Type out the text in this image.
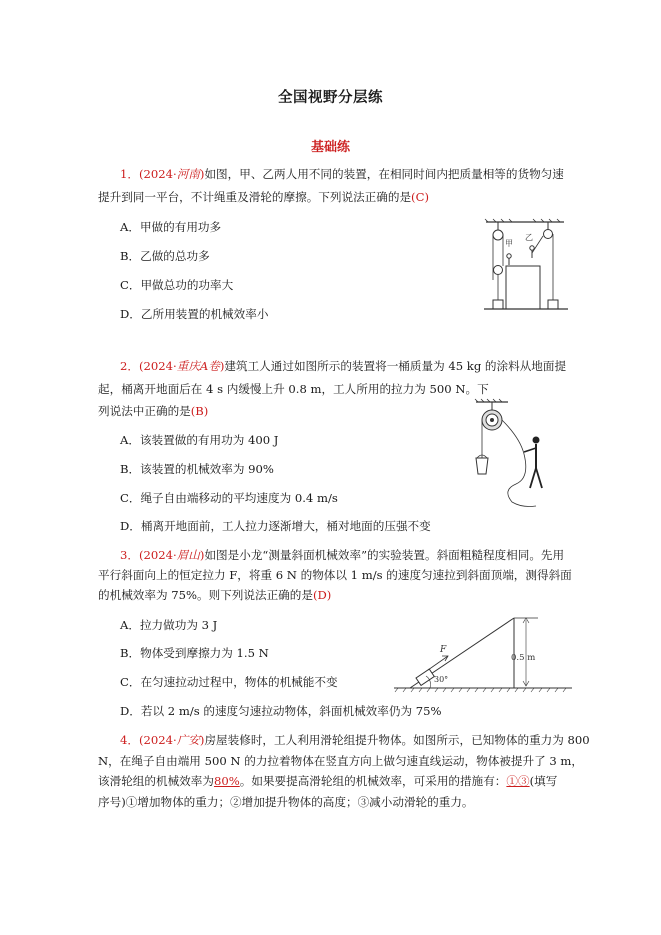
全国视野分层练
基础练
1．(2024·河南)如图，甲、乙两人用不同的装置，在相同时间内把质量相等的货物匀速
提升到同一平台，不计绳重及滑轮的摩擦。下列说法正确的是(C)
A．甲做的有用功多
B．乙做的总功多
C．甲做总功的功率大
D．乙所用装置的机械效率小
甲
乙
2．(2024·重庆A卷)建筑工人通过如图所示的装置将一桶质量为 45 kg 的涂料从地面提
起，桶离开地面后在 4 s 内缓慢上升 0.8 m，工人所用的拉力为 500 N。下
列说法中正确的是(B)
A．该装置做的有用功为 400 J
B．该装置的机械效率为 90%
C．绳子自由端移动的平均速度为 0.4 m/s
D．桶离开地面前，工人拉力逐渐增大，桶对地面的压强不变
3．(2024·眉山)如图是小龙“测量斜面机械效率”的实验装置。斜面粗糙程度相同。先用
平行斜面向上的恒定拉力 F，将重 6 N 的物体以 1 m/s 的速度匀速拉到斜面顶端，测得斜面
的机械效率为 75%。则下列说法正确的是(D)
A．拉力做功为 3 J
B．物体受到摩擦力为 1.5 N
C．在匀速拉动过程中，物体的机械能不变
D．若以 2 m/s 的速度匀速拉动物体，斜面机械效率仍为 75%
0.5 m
F
30°
4．(2024·广安)房屋装修时，工人利用滑轮组提升物体。如图所示，已知物体的重力为 800
N，在绳子自由端用 500 N 的力拉着物体在竖直方向上做匀速直线运动，物体被提升了 3 m，
该滑轮组的机械效率为80%。如果要提高滑轮组的机械效率，可采用的措施有：①③(填写
序号)①增加物体的重力；②增加提升物体的高度；③减小动滑轮的重力。
